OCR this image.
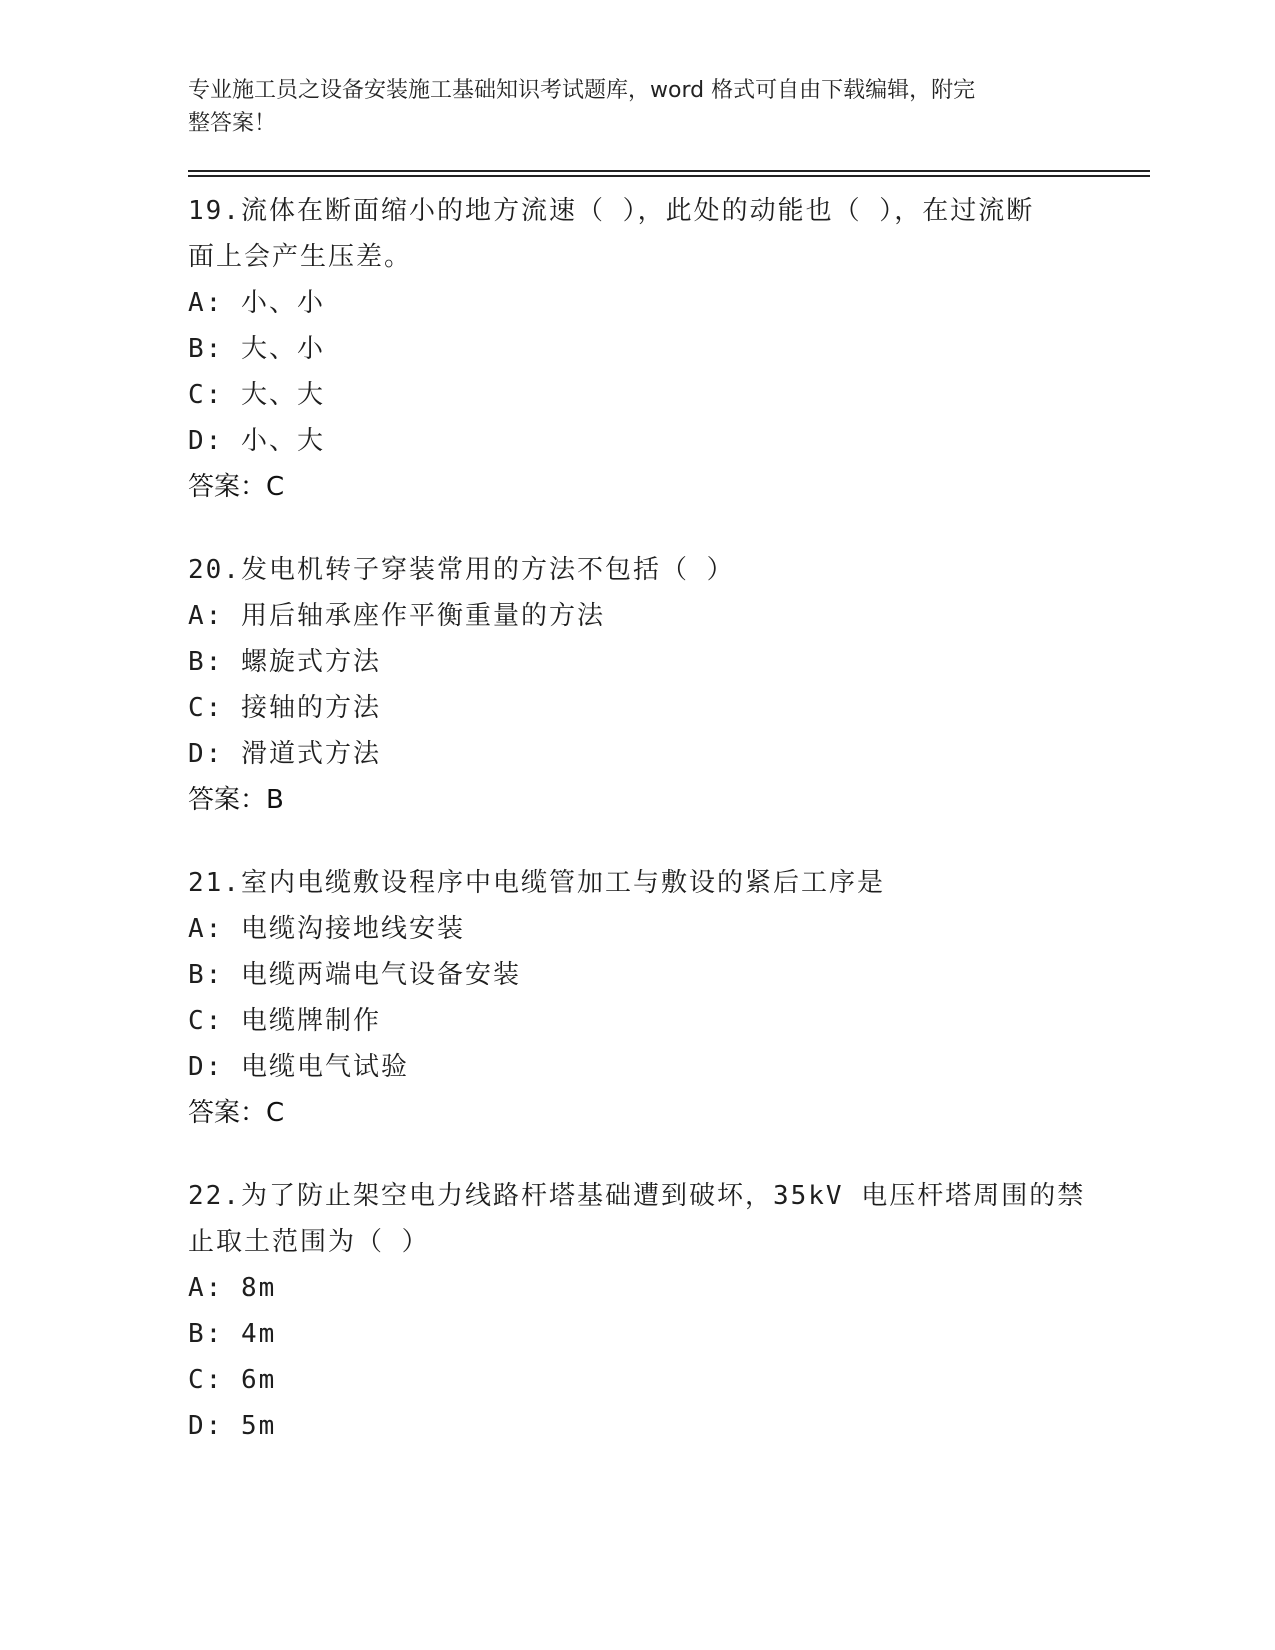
专业施工员之设备安装施工基础知识考试题库，word 格式可自由下载编辑，附完
整答案！
19.流体在断面缩小的地方流速（ ），此处的动能也（ ），在过流断
面上会产生压差。
A: 小、小
B: 大、小
C: 大、大
D: 小、大
答案：C
20.发电机转子穿装常用的方法不包括（ ）
A: 用后轴承座作平衡重量的方法
B: 螺旋式方法
C: 接轴的方法
D: 滑道式方法
答案：B
21.室内电缆敷设程序中电缆管加工与敷设的紧后工序是
A: 电缆沟接地线安装
B: 电缆两端电气设备安装
C: 电缆牌制作
D: 电缆电气试验
答案：C
22.为了防止架空电力线路杆塔基础遭到破坏，35kV 电压杆塔周围的禁
止取土范围为（ ）
A: 8m
B: 4m
C: 6m
D: 5m
